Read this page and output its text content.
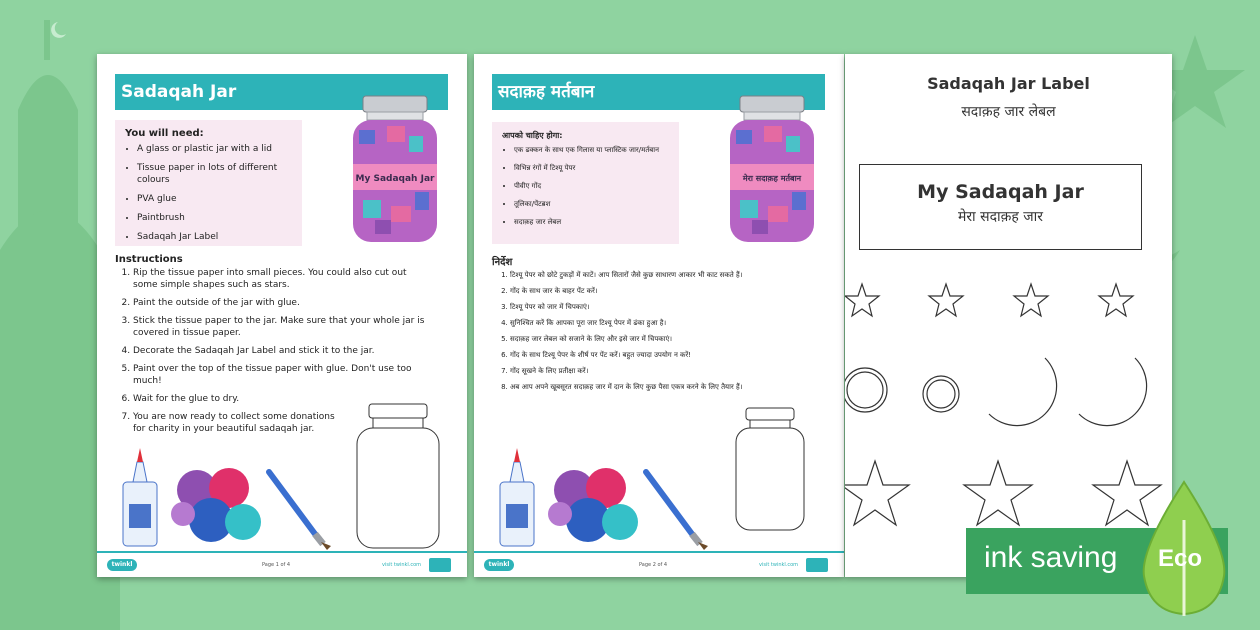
Sadaqah Jar
You will need:
• A glass or plastic jar with a lid
• Tissue paper in lots of different colours
• PVA glue
• Paintbrush
• Sadaqah Jar Label
My Sadaqah Jar
Instructions
1. Rip the tissue paper into small pieces. You could also cut out some simple shapes such as stars.
2. Paint the outside of the jar with glue.
3. Stick the tissue paper to the jar. Make sure that your whole jar is covered in tissue paper.
4. Decorate the Sadaqah Jar Label and stick it to the jar.
5. Paint over the top of the tissue paper with glue. Don't use too much!
6. Wait for the glue to dry.
7. You are now ready to collect some donations for charity in your beautiful sadaqah jar.
twinkl	Page 1 of 4	visit twinkl.com
सदाक़ह मर्तबान
आपको चाहिए होगा:
• एक ढक्कन के साथ एक गिलास या प्लास्टिक जार/मर्तबान
• विभिन्न रंगों में टिश्यू पेपर
• पीवीए गोंद
• तूलिका/पेंटब्रश
• सदाक़ह जार लेबल
मेरा सदाक़ह मर्तबान
निर्देश
1. टिश्यू पेपर को छोटे टुकड़ों में काटें। आप सितारों जैसे कुछ साधारण आकार भी काट सकते हैं।
2. गोंद के साथ जार के बाहर पेंट करें।
3. टिश्यू पेपर को जार में चिपकाएं।
4. सुनिश्चित करें कि आपका पूरा जार टिश्यू पेपर में ढंका हुआ है।
5. सदाक़ह जार लेबल को सजाने के लिए और इसे जार में चिपकाएं।
6. गोंद के साथ टिश्यू पेपर के शीर्ष पर पेंट करें। बहुत ज्यादा उपयोग न करें!
7. गोंद सूखने के लिए प्रतीक्षा करें।
8. अब आप अपने खूबसूरत सदाक़ह जार में दान के लिए कुछ पैसा एकत्र करने के लिए तैयार हैं।
twinkl	Page 2 of 4	visit twinkl.com
Sadaqah Jar Label
सदाक़ह जार लेबल
My Sadaqah Jar
मेरा सदाक़ह जार
ink saving Eco
